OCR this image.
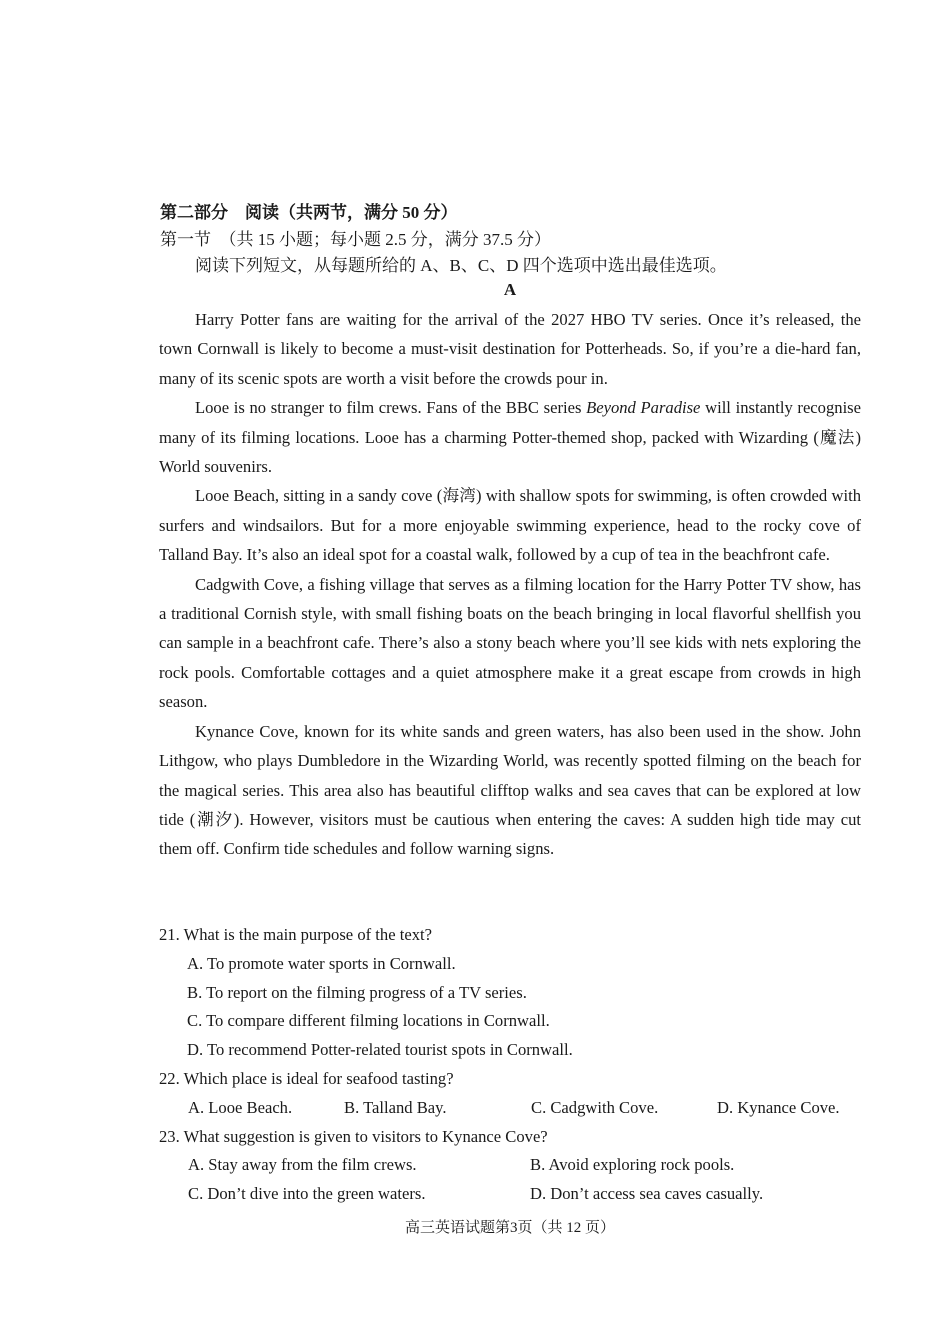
第二部分　阅读（共两节，满分 50 分）
第一节　（共 15 小题；每小题 2.5 分，满分 37.5 分）
阅读下列短文，从每题所给的 A、B、C、D 四个选项中选出最佳选项。
A

Harry Potter fans are waiting for the arrival of the 2027 HBO TV series. Once it’s released, the town Cornwall is likely to become a must-visit destination for Potterheads. So, if you’re a die-hard fan, many of its scenic spots are worth a visit before the crowds pour in.

Looe is no stranger to film crews. Fans of the BBC series Beyond Paradise will instantly recognise many of its filming locations. Looe has a charming Potter-themed shop, packed with Wizarding (魔法) World souvenirs.

Looe Beach, sitting in a sandy cove (海湾) with shallow spots for swimming, is often crowded with surfers and windsailors. But for a more enjoyable swimming experience, head to the rocky cove of Talland Bay. It’s also an ideal spot for a coastal walk, followed by a cup of tea in the beachfront cafe.

Cadgwith Cove, a fishing village that serves as a filming location for the Harry Potter TV show, has a traditional Cornish style, with small fishing boats on the beach bringing in local flavorful shellfish you can sample in a beachfront cafe. There’s also a stony beach where you’ll see kids with nets exploring the rock pools. Comfortable cottages and a quiet atmosphere make it a great escape from crowds in high season.

Kynance Cove, known for its white sands and green waters, has also been used in the show. John Lithgow, who plays Dumbledore in the Wizarding World, was recently spotted filming on the beach for the magical series. This area also has beautiful clifftop walks and sea caves that can be explored at low tide (潮汐). However, visitors must be cautious when entering the caves: A sudden high tide may cut them off. Confirm tide schedules and follow warning signs.

21. What is the main purpose of the text?
A. To promote water sports in Cornwall.
B. To report on the filming progress of a TV series.
C. To compare different filming locations in Cornwall.
D. To recommend Potter-related tourist spots in Cornwall.
22. Which place is ideal for seafood tasting?
A. Looe Beach.	B. Talland Bay.	C. Cadgwith Cove.	D. Kynance Cove.
23. What suggestion is given to visitors to Kynance Cove?
A. Stay away from the film crews.	B. Avoid exploring rock pools.
C. Don’t dive into the green waters.	D. Don’t access sea caves casually.
高三英语试题第3页（共 12 页）
